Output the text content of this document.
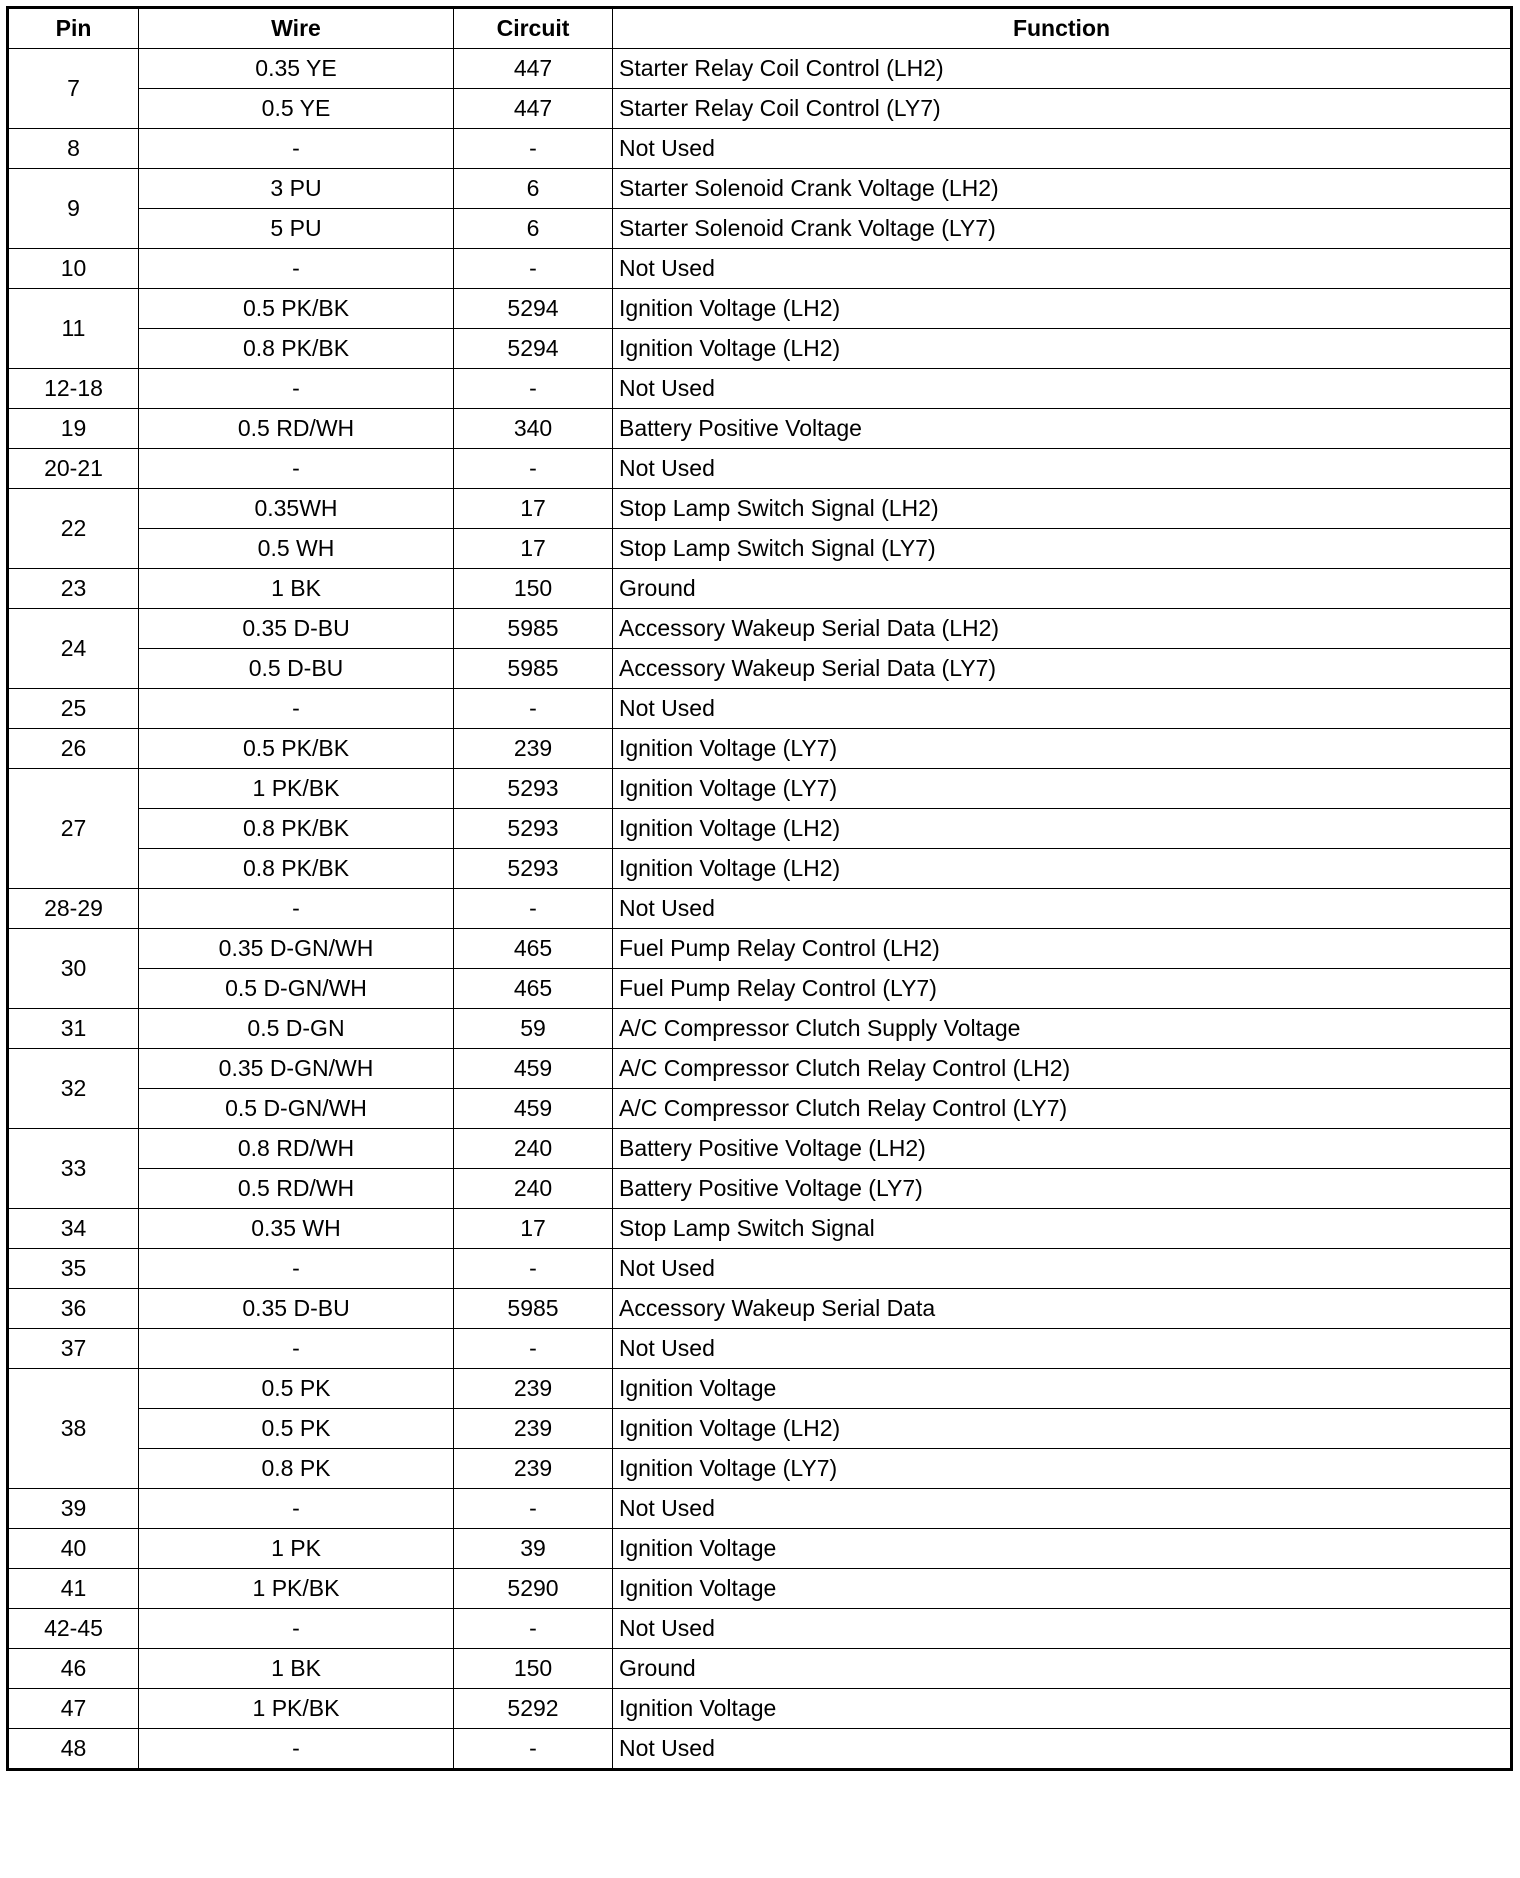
Pin	Wire	Circuit	Function
7	0.35 YE	447	Starter Relay Coil Control (LH2)
	0.5 YE	447	Starter Relay Coil Control (LY7)
8	-	-	Not Used
9	3 PU	6	Starter Solenoid Crank Voltage (LH2)
	5 PU	6	Starter Solenoid Crank Voltage (LY7)
10	-	-	Not Used
11	0.5 PK/BK	5294	Ignition Voltage (LH2)
	0.8 PK/BK	5294	Ignition Voltage (LH2)
12-18	-	-	Not Used
19	0.5 RD/WH	340	Battery Positive Voltage
20-21	-	-	Not Used
22	0.35WH	17	Stop Lamp Switch Signal (LH2)
	0.5 WH	17	Stop Lamp Switch Signal (LY7)
23	1 BK	150	Ground
24	0.35 D-BU	5985	Accessory Wakeup Serial Data (LH2)
	0.5 D-BU	5985	Accessory Wakeup Serial Data (LY7)
25	-	-	Not Used
26	0.5 PK/BK	239	Ignition Voltage (LY7)
27	1 PK/BK	5293	Ignition Voltage (LY7)
	0.8 PK/BK	5293	Ignition Voltage (LH2)
	0.8 PK/BK	5293	Ignition Voltage (LH2)
28-29	-	-	Not Used
30	0.35 D-GN/WH	465	Fuel Pump Relay Control (LH2)
	0.5 D-GN/WH	465	Fuel Pump Relay Control (LY7)
31	0.5 D-GN	59	A/C Compressor Clutch Supply Voltage
32	0.35 D-GN/WH	459	A/C Compressor Clutch Relay Control (LH2)
	0.5 D-GN/WH	459	A/C Compressor Clutch Relay Control (LY7)
33	0.8 RD/WH	240	Battery Positive Voltage (LH2)
	0.5 RD/WH	240	Battery Positive Voltage (LY7)
34	0.35 WH	17	Stop Lamp Switch Signal
35	-	-	Not Used
36	0.35 D-BU	5985	Accessory Wakeup Serial Data
37	-	-	Not Used
38	0.5 PK	239	Ignition Voltage
	0.5 PK	239	Ignition Voltage (LH2)
	0.8 PK	239	Ignition Voltage (LY7)
39	-	-	Not Used
40	1 PK	39	Ignition Voltage
41	1 PK/BK	5290	Ignition Voltage
42-45	-	-	Not Used
46	1 BK	150	Ground
47	1 PK/BK	5292	Ignition Voltage
48	-	-	Not Used
